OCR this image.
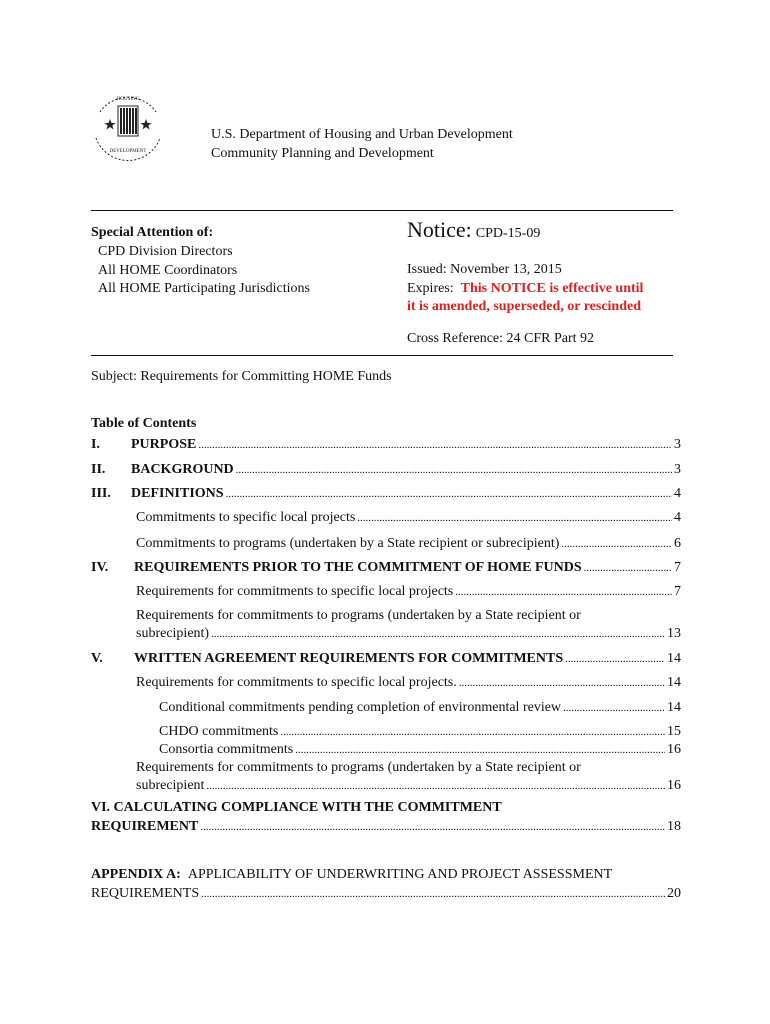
HOUSING
DEVELOPMENT
U.S. Department of Housing and Urban Development
Community Planning and Development
Special Attention of:
CPD Division Directors
All HOME Coordinators
All HOME Participating Jurisdictions
Notice: CPD-15-09
Issued: November 13, 2015
Expires: This NOTICE is effective until
it is amended, superseded, or rescinded
Cross Reference: 24 CFR Part 92
Subject: Requirements for Committing HOME Funds
Table of Contents
I.	PURPOSE .....	3
II.	BACKGROUND .....	3
III.	DEFINITIONS .....	4
Commitments to specific local projects .....	4
Commitments to programs (undertaken by a State recipient or subrecipient) .....	6
IV.	REQUIREMENTS PRIOR TO THE COMMITMENT OF HOME FUNDS .....	7
Requirements for commitments to specific local projects .....	7
Requirements for commitments to programs (undertaken by a State recipient or
subrecipient) .....	13
V.	WRITTEN AGREEMENT REQUIREMENTS FOR COMMITMENTS .....	14
Requirements for commitments to specific local projects. .....	14
Conditional commitments pending completion of environmental review .....	14
CHDO commitments .....	15
Consortia commitments .....	16
Requirements for commitments to programs (undertaken by a State recipient or
subrecipient .....	16
VI. CALCULATING COMPLIANCE WITH THE COMMITMENT
REQUIREMENT .....	18
APPENDIX A: APPLICABILITY OF UNDERWRITING AND PROJECT ASSESSMENT
REQUIREMENTS .....	20
